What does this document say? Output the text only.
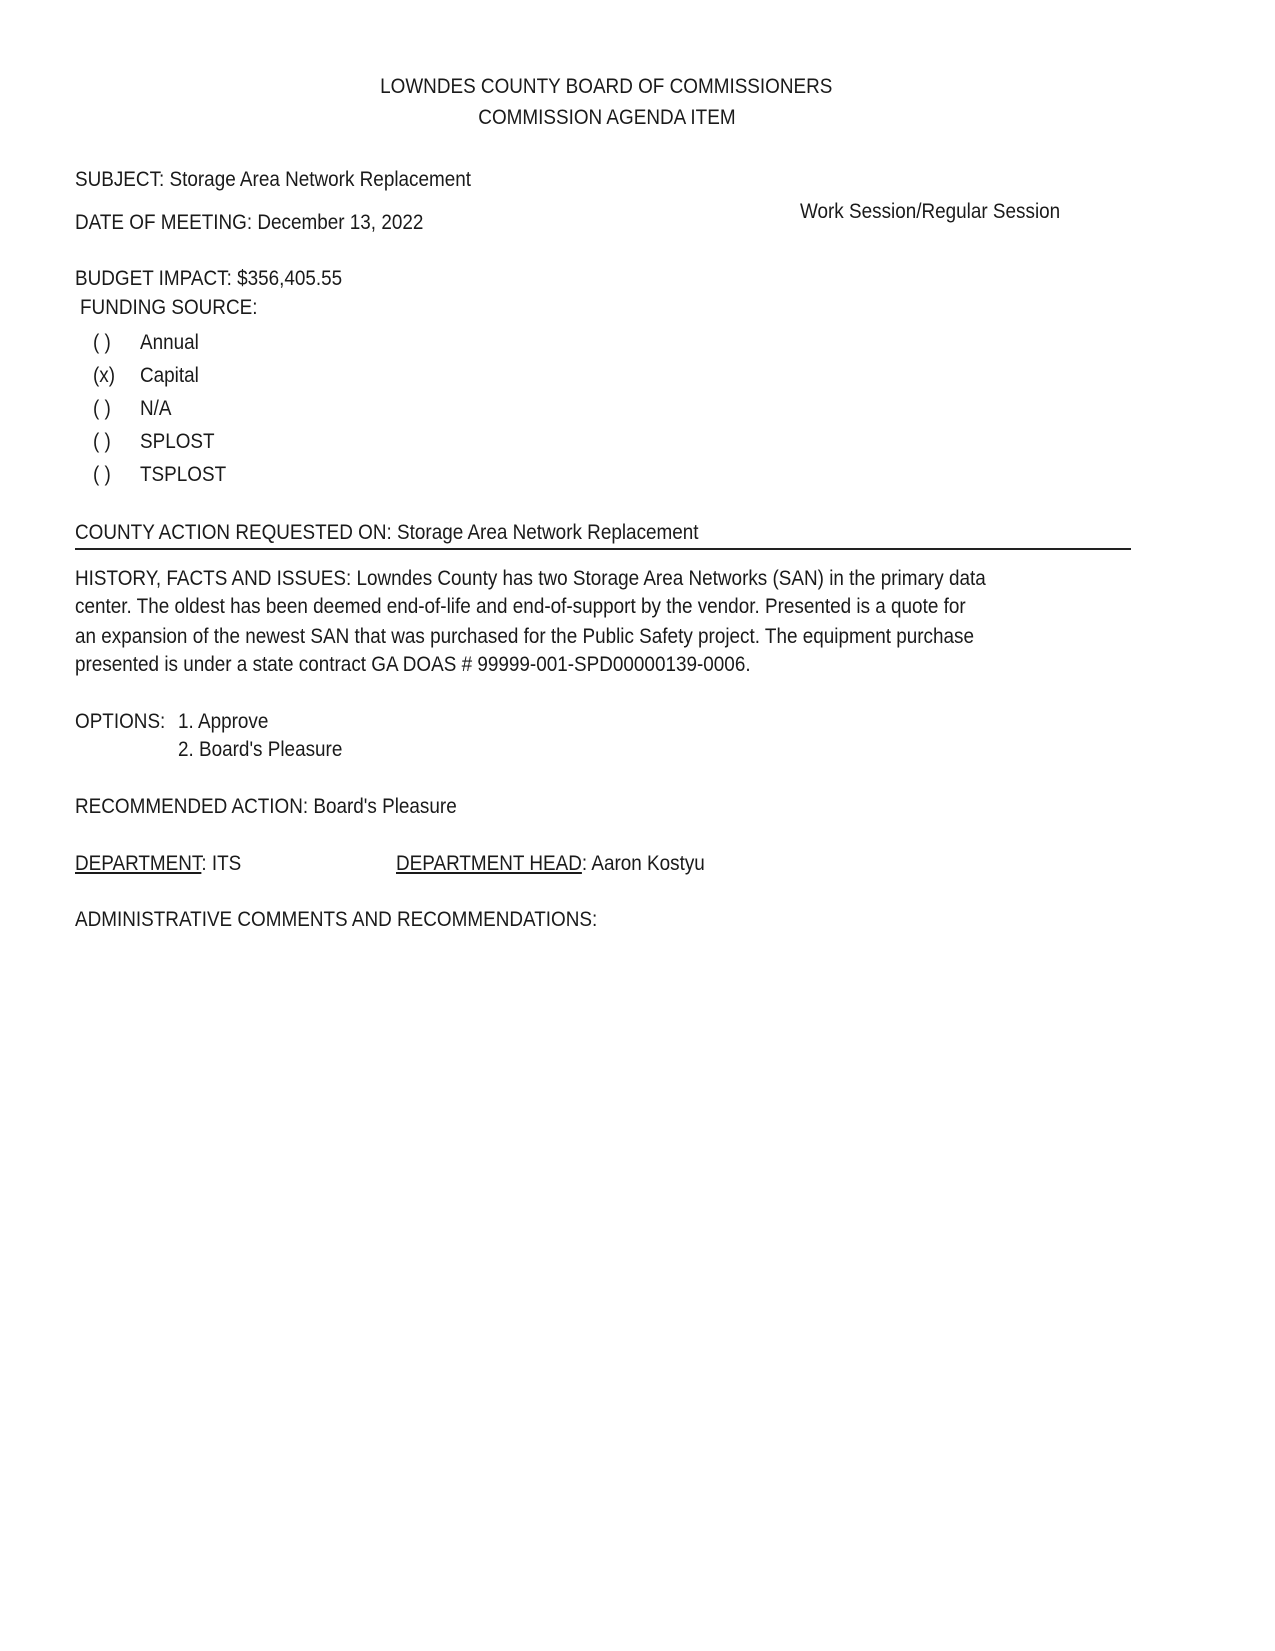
LOWNDES COUNTY BOARD OF COMMISSIONERS
COMMISSION AGENDA ITEM
SUBJECT: Storage Area Network Replacement
DATE OF MEETING: December 13, 2022	Work Session/Regular Session
BUDGET IMPACT: $356,405.55
FUNDING SOURCE:
( ) Annual
(x) Capital
( ) N/A
( ) SPLOST
( ) TSPLOST
COUNTY ACTION REQUESTED ON: Storage Area Network Replacement
HISTORY, FACTS AND ISSUES: Lowndes County has two Storage Area Networks (SAN) in the primary data
center. The oldest has been deemed end-of-life and end-of-support by the vendor. Presented is a quote for
an expansion of the newest SAN that was purchased for the Public Safety project. The equipment purchase
presented is under a state contract GA DOAS # 99999-001-SPD00000139-0006.
OPTIONS: 1. Approve
2. Board's Pleasure
RECOMMENDED ACTION: Board's Pleasure
DEPARTMENT: ITS	DEPARTMENT HEAD: Aaron Kostyu
ADMINISTRATIVE COMMENTS AND RECOMMENDATIONS:
